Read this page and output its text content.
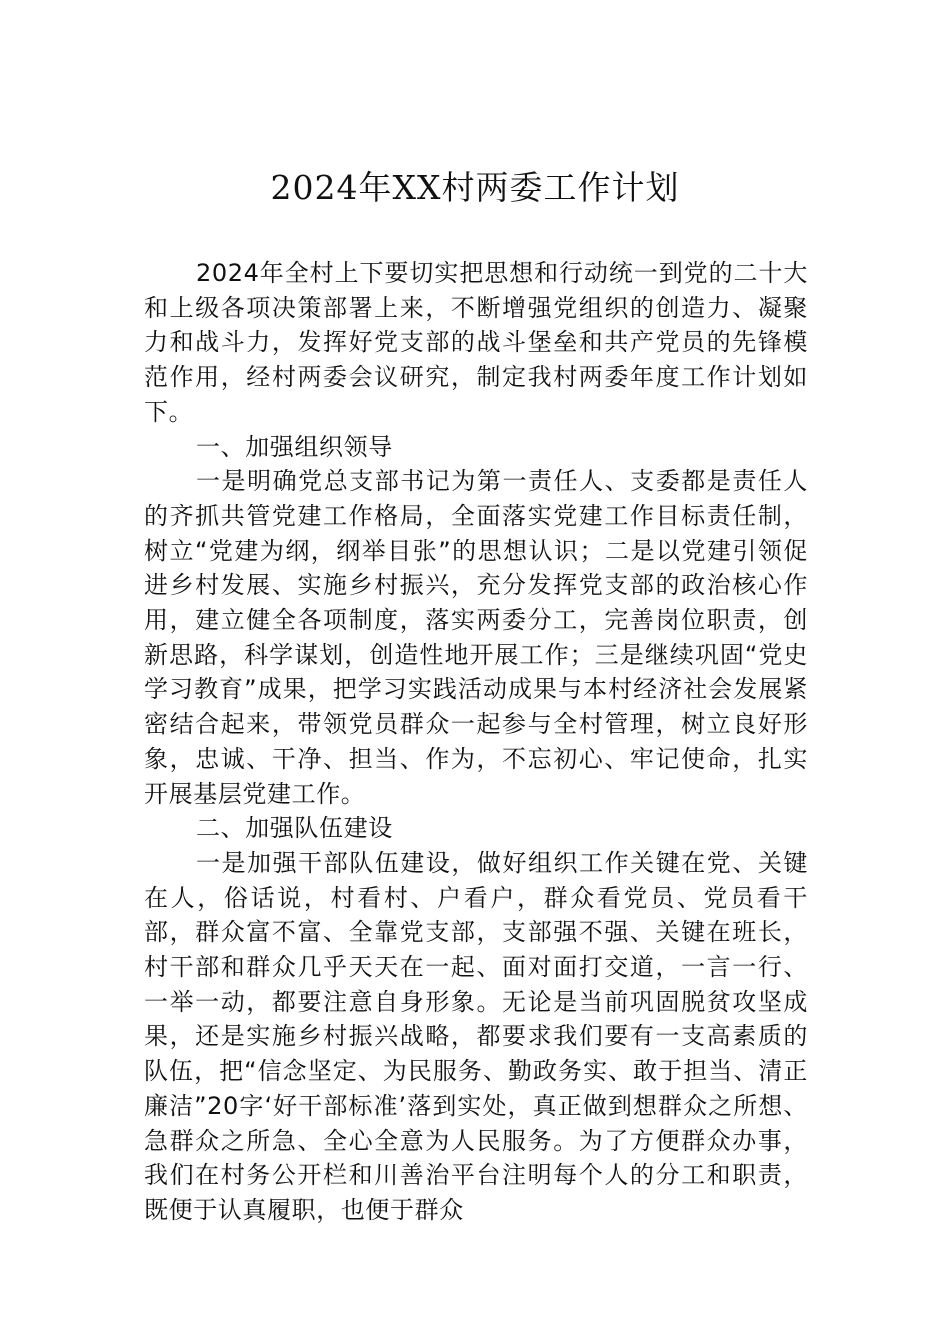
2024年XX村两委工作计划

2024年全村上下要切实把思想和行动统一到党的二十大和上级各项决策部署上来，不断增强党组织的创造力、凝聚力和战斗力，发挥好党支部的战斗堡垒和共产党员的先锋模范作用，经村两委会议研究，制定我村两委年度工作计划如下。

一、加强组织领导

一是明确党总支部书记为第一责任人、支委都是责任人的齐抓共管党建工作格局，全面落实党建工作目标责任制，树立“党建为纲，纲举目张”的思想认识；二是以党建引领促进乡村发展、实施乡村振兴，充分发挥党支部的政治核心作用，建立健全各项制度，落实两委分工，完善岗位职责，创新思路，科学谋划，创造性地开展工作；三是继续巩固“党史学习教育”成果，把学习实践活动成果与本村经济社会发展紧密结合起来，带领党员群众一起参与全村管理，树立良好形象，忠诚、干净、担当、作为，不忘初心、牢记使命，扎实开展基层党建工作。

二、加强队伍建设

一是加强干部队伍建设，做好组织工作关键在党、关键在人，俗话说，村看村、户看户，群众看党员、党员看干部，群众富不富、全靠党支部，支部强不强、关键在班长，村干部和群众几乎天天在一起、面对面打交道，一言一行、一举一动，都要注意自身形象。无论是当前巩固脱贫攻坚成果，还是实施乡村振兴战略，都要求我们要有一支高素质的队伍，把“信念坚定、为民服务、勤政务实、敢于担当、清正廉洁”20字‘好干部标准’落到实处，真正做到想群众之所想、急群众之所急、全心全意为人民服务。为了方便群众办事，我们在村务公开栏和川善治平台注明每个人的分工和职责，既便于认真履职，也便于群众
